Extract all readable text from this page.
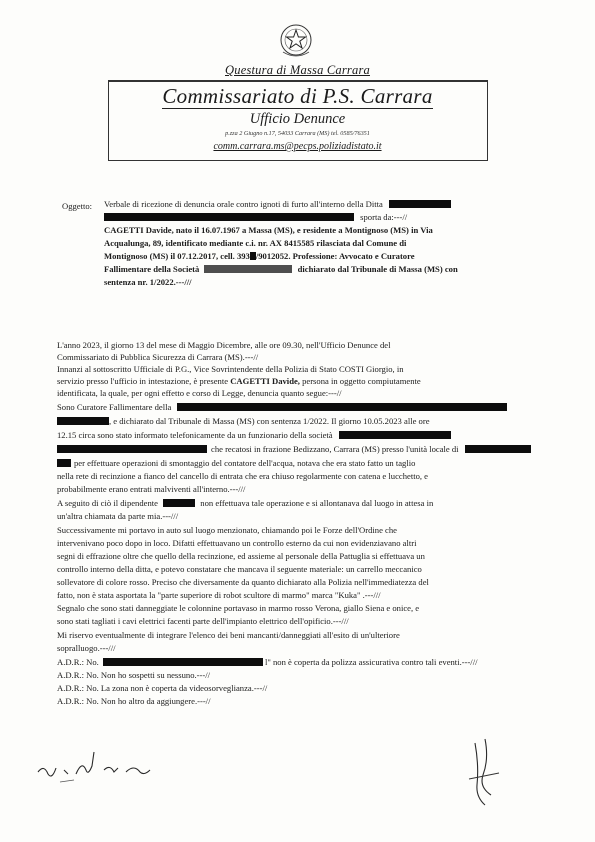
Questura di Massa Carrara
Commissariato di P.S. Carrara
Ufficio Denunce
p.zza 2 Giugno n.17, 54033 Carrara (MS) tel. 0585/76351
comm.carrara.ms@pecps.poliziadistato.it
Oggetto: Verbale di ricezione di denuncia orale contro ignoti di furto all'interno della Ditta
sporta da:---//
CAGETTI Davide, nato il 16.07.1967 a Massa (MS), e residente a Montignoso (MS) in Via
Acqualunga, 89, identificato mediante c.i. nr. AX 8415585 rilasciata dal Comune di
Montignoso (MS) il 07.12.2017, cell. 393 /9012052. Professione: Avvocato e Curatore
Fallimentare della Società	dichiarato dal Tribunale di Massa (MS) con
sentenza nr. 1/2022.---///
L'anno 2023, il giorno 13 del mese di Maggio Dicembre, alle ore 09.30, nell'Ufficio Denunce del
Commissariato di Pubblica Sicurezza di Carrara (MS).---//
Innanzi al sottoscritto Ufficiale di P.G., Vice Sovrintendente della Polizia di Stato COSTI Giorgio, in
servizio presso l'ufficio in intestazione, è presente CAGETTI Davide, persona in oggetto compiutamente
identificata, la quale, per ogni effetto e corso di Legge, denuncia quanto segue:---//
Sono Curatore Fallimentare della
, e dichiarato dal Tribunale di Massa (MS) con sentenza 1/2022. Il giorno 10.05.2023 alle ore
12.15 circa sono stato informato telefonicamente da un funzionario della società
che recatosi in frazione Bedizzano, Carrara (MS) presso l'unità locale di
per effettuare operazioni di smontaggio del contatore dell'acqua, notava che era stato fatto un taglio
nella rete di recinzione a fianco del cancello di entrata che era chiuso regolarmente con catena e lucchetto, e
probabilmente erano entrati malviventi all'interno.---///
A seguito di ciò il dipendente	non effettuava tale operazione e si allontanava dal luogo in attesa in
un'altra chiamata da parte mia.---///
Successivamente mi portavo in auto sul luogo menzionato, chiamando poi le Forze dell'Ordine che
intervenivano poco dopo in loco. Difatti effettuavano un controllo esterno da cui non evidenziavano altri
segni di effrazione oltre che quello della recinzione, ed assieme al personale della Pattuglia si effettuava un
controllo interno della ditta, e potevo constatare che mancava il seguente materiale: un carrello meccanico
sollevatore di colore rosso. Preciso che diversamente da quanto dichiarato alla Polizia nell'immediatezza del
fatto, non è stata asportata la "parte superiore di robot scultore di marmo" marca "Kuka" .---///
Segnalo che sono stati danneggiate le colonnine portavaso in marmo rosso Verona, giallo Siena e onice, e
sono stati tagliati i cavi elettrici facenti parte dell'impianto elettrico dell'opificio.---///
Mi riservo eventualmente di integrare l'elenco dei beni mancanti/danneggiati all'esito di un'ulteriore
sopralluogo.---///
A.D.R.: No.	l" non è coperta da polizza assicurativa contro tali eventi.---///
A.D.R.: No. Non ho sospetti su nessuno.---//
A.D.R.: No. La zona non è coperta da videosorveglianza.---//
A.D.R.: No. Non ho altro da aggiungere.---//
